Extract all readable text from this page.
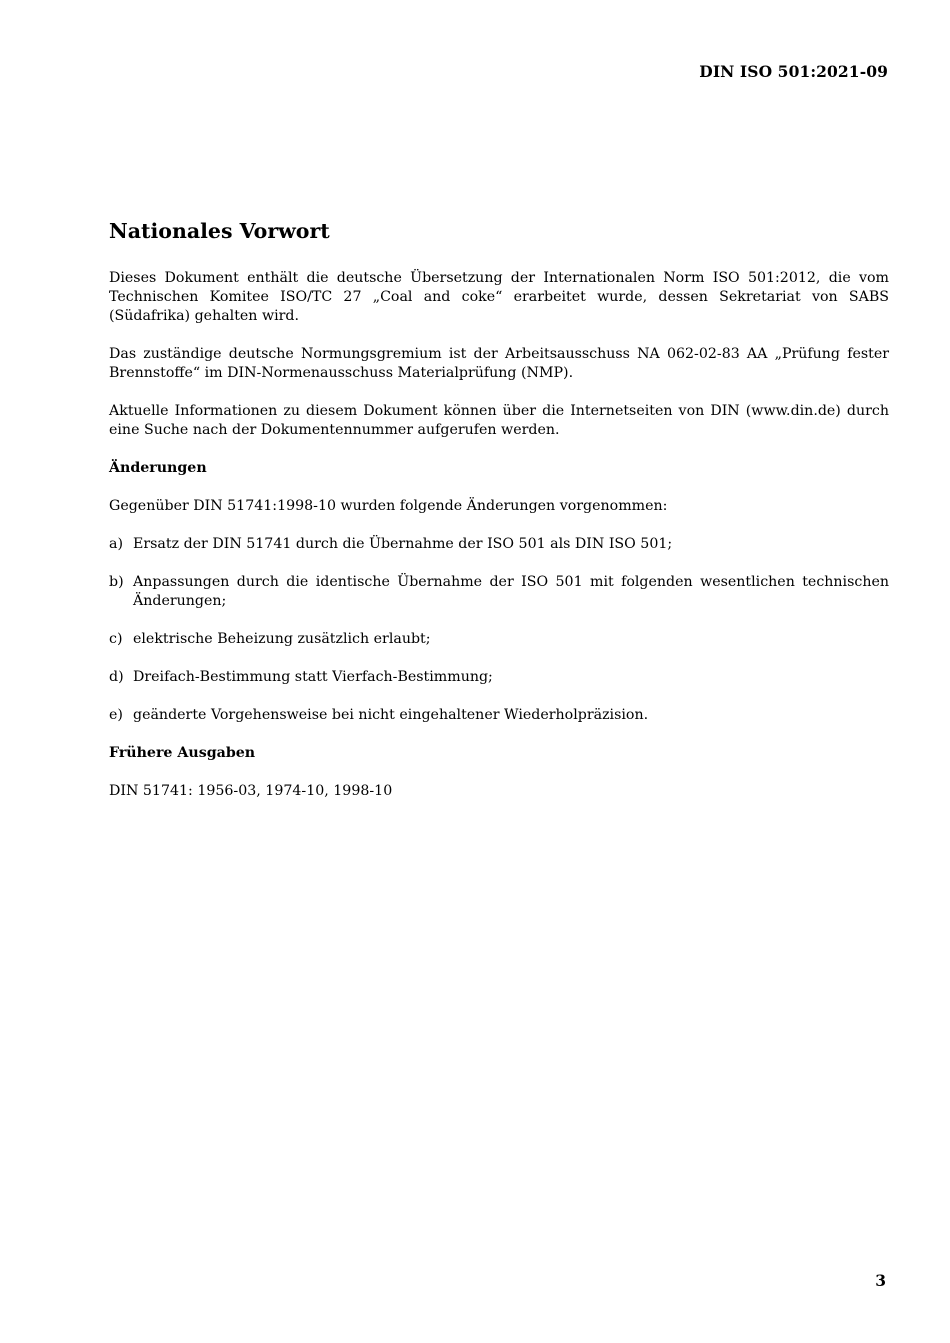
DIN ISO 501:2021-09
Nationales Vorwort

Dieses Dokument enthält die deutsche Übersetzung der Internationalen Norm ISO 501:2012, die vom Technischen Komitee ISO/TC 27 „Coal and coke“ erarbeitet wurde, dessen Sekretariat von SABS (Südafrika) gehalten wird.

Das zuständige deutsche Normungsgremium ist der Arbeitsausschuss NA 062-02-83 AA „Prüfung fester Brennstoffe“ im DIN-Normenausschuss Materialprüfung (NMP).

Aktuelle Informationen zu diesem Dokument können über die Internetseiten von DIN (www.din.de) durch eine Suche nach der Dokumentennummer aufgerufen werden.

Änderungen

Gegenüber DIN 51741:1998-10 wurden folgende Änderungen vorgenommen:

a) Ersatz der DIN 51741 durch die Übernahme der ISO 501 als DIN ISO 501;
b) Anpassungen durch die identische Übernahme der ISO 501 mit folgenden wesentlichen technischen Änderungen;
c) elektrische Beheizung zusätzlich erlaubt;
d) Dreifach-Bestimmung statt Vierfach-Bestimmung;
e) geänderte Vorgehensweise bei nicht eingehaltener Wiederholpräzision.
Frühere Ausgaben

DIN 51741: 1956-03, 1974-10, 1998-10

3
